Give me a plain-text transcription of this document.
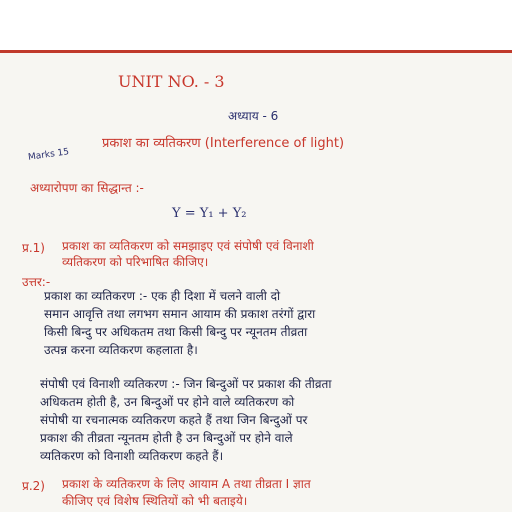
UNIT NO. - 3
अध्याय - 6
Marks 15
प्रकाश का व्यतिकरण (Interference of light)
अध्यारोपण का सिद्धान्त :-
Y = Y₁ + Y₂
प्र.1) प्रकाश का व्यतिकरण को समझाइए एवं संपोषी एवं विनाशी
व्यतिकरण को परिभाषित कीजिए।
उत्तर:-
प्रकाश का व्यतिकरण :- एक ही दिशा में चलने वाली दो
समान आवृत्ति तथा लगभग समान आयाम की प्रकाश तरंगों द्वारा
किसी बिन्दु पर अधिकतम तथा किसी बिन्दु पर न्यूनतम तीव्रता
उत्पन्न करना व्यतिकरण कहलाता है।
संपोषी एवं विनाशी व्यतिकरण :- जिन बिन्दुओं पर प्रकाश की तीव्रता
अधिकतम होती है, उन बिन्दुओं पर होने वाले व्यतिकरण को
संपोषी या रचनात्मक व्यतिकरण कहते हैं तथा जिन बिन्दुओं पर
प्रकाश की तीव्रता न्यूनतम होती है उन बिन्दुओं पर होने वाले
व्यतिकरण को विनाशी व्यतिकरण कहते हैं।
प्र.2) प्रकाश के व्यतिकरण के लिए आयाम A तथा तीव्रता I ज्ञात
कीजिए एवं विशेष स्थितियों को भी बताइये।
